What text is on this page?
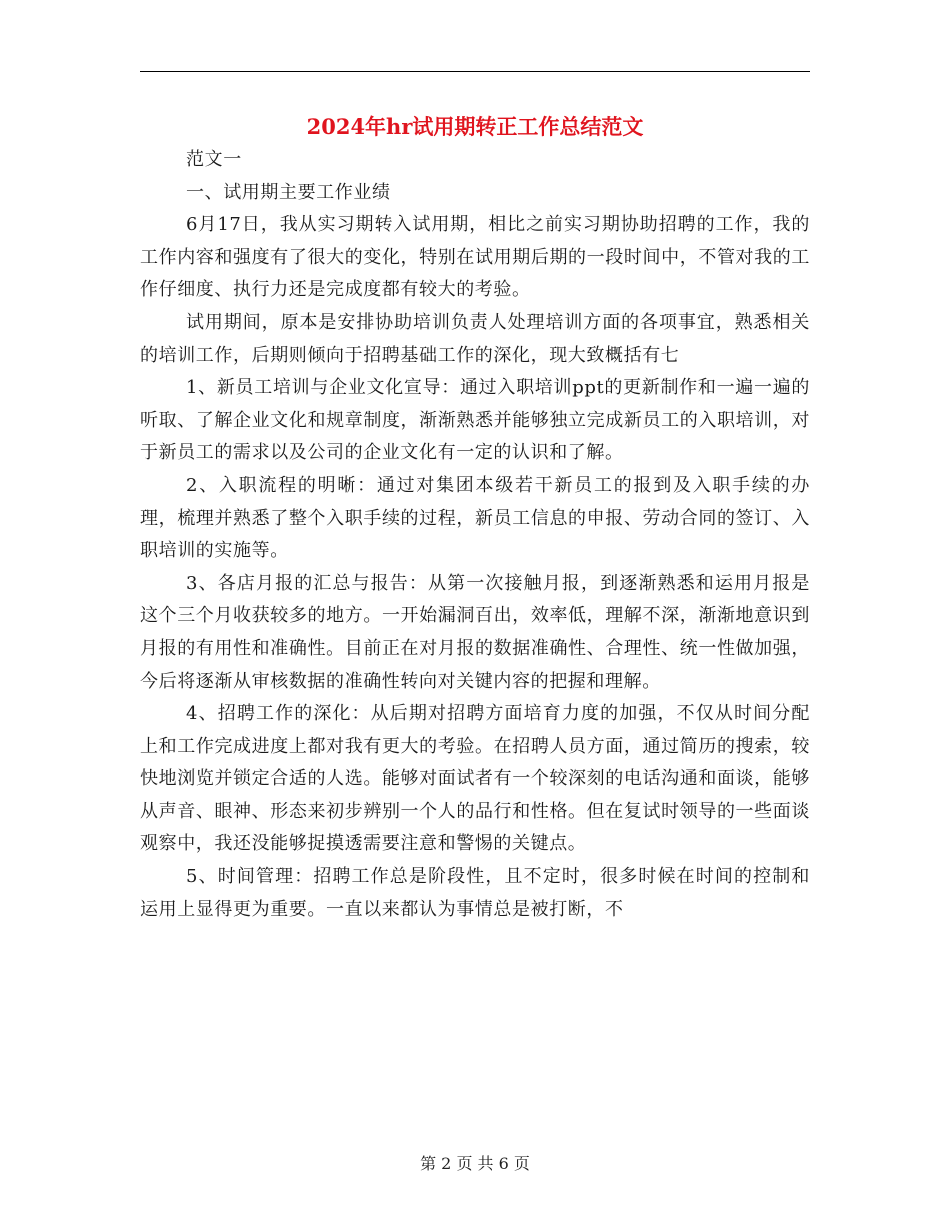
2024年hr试用期转正工作总结范文

范文一

一、试用期主要工作业绩

6月17日，我从实习期转入试用期，相比之前实习期协助招聘的工作，我的工作内容和强度有了很大的变化，特别在试用期后期的一段时间中，不管对我的工作仔细度、执行力还是完成度都有较大的考验。

试用期间，原本是安排协助培训负责人处理培训方面的各项事宜，熟悉相关的培训工作，后期则倾向于招聘基础工作的深化，现大致概括有七

1、新员工培训与企业文化宣导：通过入职培训ppt的更新制作和一遍一遍的听取、了解企业文化和规章制度，渐渐熟悉并能够独立完成新员工的入职培训，对于新员工的需求以及公司的企业文化有一定的认识和了解。

2、入职流程的明晰：通过对集团本级若干新员工的报到及入职手续的办理，梳理并熟悉了整个入职手续的过程，新员工信息的申报、劳动合同的签订、入职培训的实施等。

3、各店月报的汇总与报告：从第一次接触月报，到逐渐熟悉和运用月报是这个三个月收获较多的地方。一开始漏洞百出，效率低，理解不深，渐渐地意识到月报的有用性和准确性。目前正在对月报的数据准确性、合理性、统一性做加强，今后将逐渐从审核数据的准确性转向对关键内容的把握和理解。

4、招聘工作的深化：从后期对招聘方面培育力度的加强，不仅从时间分配上和工作完成进度上都对我有更大的考验。在招聘人员方面，通过简历的搜索，较快地浏览并锁定合适的人选。能够对面试者有一个较深刻的电话沟通和面谈，能够从声音、眼神、形态来初步辨别一个人的品行和性格。但在复试时领导的一些面谈观察中，我还没能够捉摸透需要注意和警惕的关键点。

5、时间管理：招聘工作总是阶段性，且不定时，很多时候在时间的控制和运用上显得更为重要。一直以来都认为事情总是被打断，不

第 2 页 共 6 页
